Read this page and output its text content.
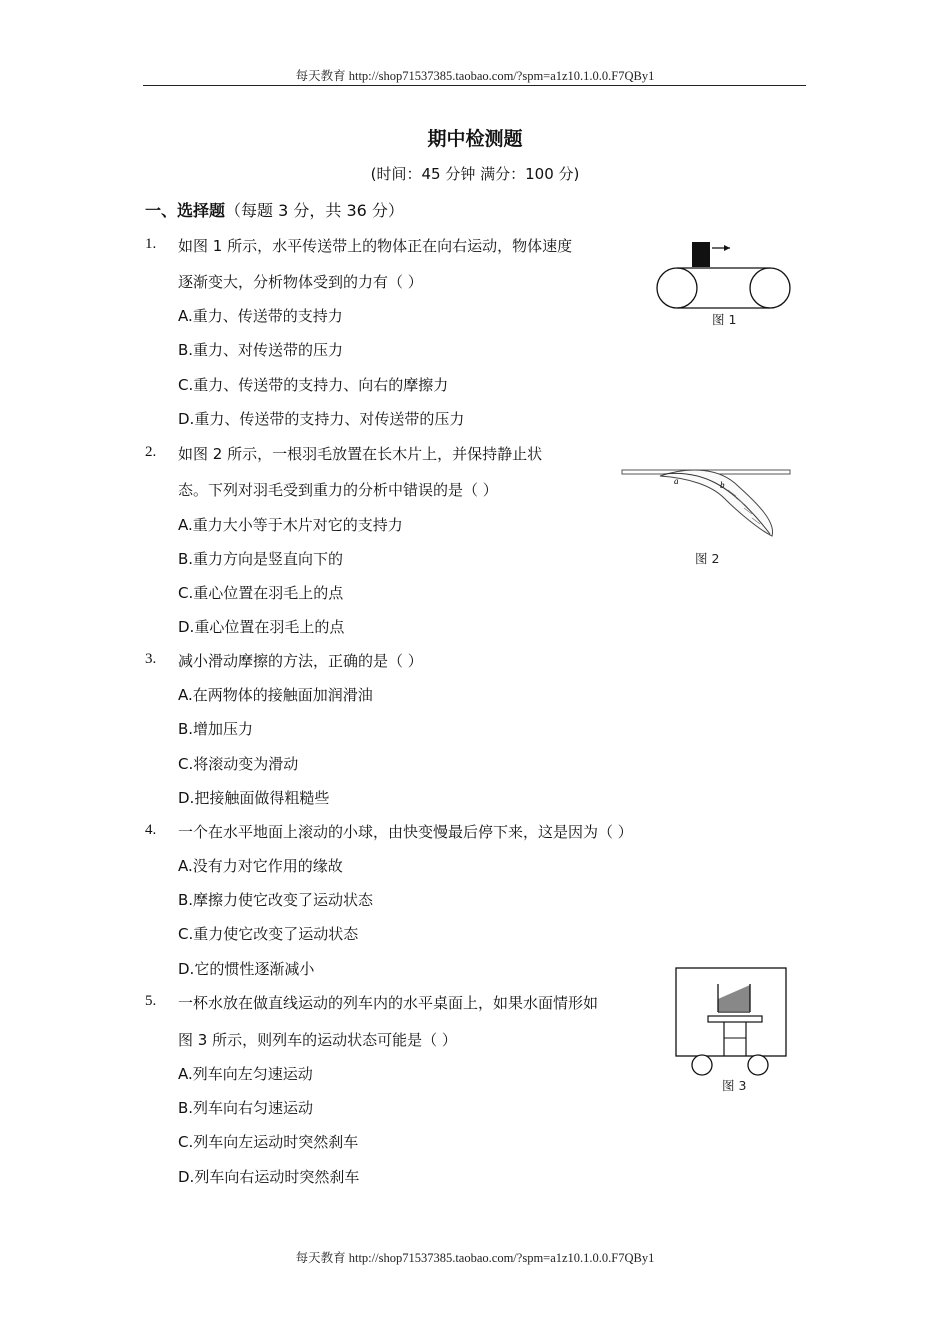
每天教育 http://shop71537385.taobao.com/?spm=a1z10.1.0.0.F7QBy1
期中检测题
(时间：45 分钟 满分：100 分)
一、选择题（每题 3 分，共 36 分）
1. 如图 1 所示，水平传送带上的物体正在向右运动，物体速度
逐渐变大，分析物体受到的力有（ ）
A.重力、传送带的支持力
B.重力、对传送带的压力
C.重力、传送带的支持力、向右的摩擦力
D.重力、传送带的支持力、对传送带的压力
图 1
2. 如图 2 所示，一根羽毛放置在长木片上，并保持静止状
态。下列对羽毛受到重力的分析中错误的是（ ）
A.重力大小等于木片对它的支持力
B.重力方向是竖直向下的
C.重心位置在羽毛上的点
D.重心位置在羽毛上的点
a	b
图 2
3. 减小滑动摩擦的方法，正确的是（ ）
A.在两物体的接触面加润滑油
B.增加压力
C.将滚动变为滑动
D.把接触面做得粗糙些
4. 一个在水平地面上滚动的小球，由快变慢最后停下来，这是因为（ ）
A.没有力对它作用的缘故
B.摩擦力使它改变了运动状态
C.重力使它改变了运动状态
D.它的惯性逐渐减小
5. 一杯水放在做直线运动的列车内的水平桌面上，如果水面情形如
图 3 所示，则列车的运动状态可能是（ ）
A.列车向左匀速运动
B.列车向右匀速运动
C.列车向左运动时突然刹车
D.列车向右运动时突然刹车
图 3
每天教育 http://shop71537385.taobao.com/?spm=a1z10.1.0.0.F7QBy1
